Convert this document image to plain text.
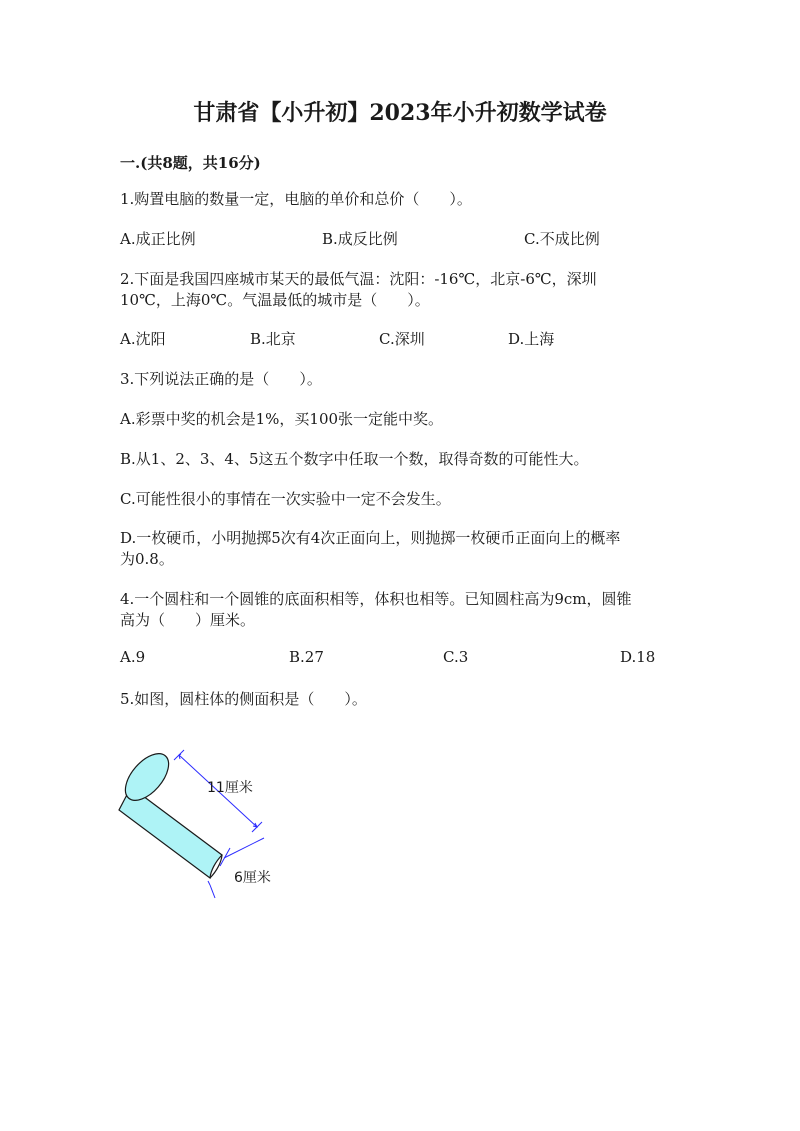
甘肃省【小升初】2023年小升初数学试卷
一.(共8题，共16分)
1.购置电脑的数量一定，电脑的单价和总价（　　）。
A.成正比例	B.成反比例	C.不成比例
2.下面是我国四座城市某天的最低气温：沈阳：-16℃，北京-6℃，深圳
10℃，上海0℃。气温最低的城市是（　　）。
A.沈阳	B.北京	C.深圳	D.上海
3.下列说法正确的是（　　）。
A.彩票中奖的机会是1%，买100张一定能中奖。
B.从1、2、3、4、5这五个数字中任取一个数，取得奇数的可能性大。
C.可能性很小的事情在一次实验中一定不会发生。
D.一枚硬币，小明抛掷5次有4次正面向上，则抛掷一枚硬币正面向上的概率
为0.8。
4.一个圆柱和一个圆锥的底面积相等，体积也相等。已知圆柱高为9cm，圆锥
高为（　　）厘米。
A.9	B.27	C.3	D.18
5.如图，圆柱体的侧面积是（　　）。
11厘米
6厘米
